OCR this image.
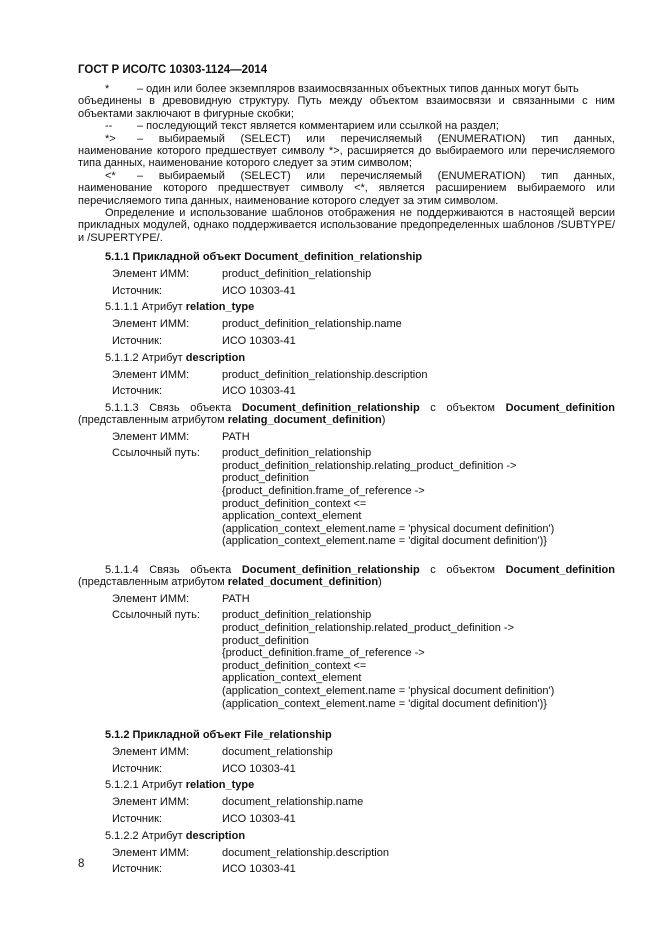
ГОСТ Р ИСО/ТС 10303-1124—2014
*	– один или более экземпляров взаимосвязанных объектных типов данных могут быть

объединены в древовидную структуру. Путь между объектом взаимосвязи и связанными с ним объектами заключают в фигурные скобки;

--	– последующий текст является комментарием или ссылкой на раздел;
*>	– выбираемый (SELECT) или перечисляемый (ENUMERATION) тип данных,

наименование которого предшествует символу *>, расширяется до выбираемого или перечисляемого типа данных, наименование которого следует за этим символом;

<*	– выбираемый (SELECT) или перечисляемый (ENUMERATION) тип данных,

наименование которого предшествует символу <*, является расширением выбираемого или перечисляемого типа данных, наименование которого следует за этим символом.

Определение и использование шаблонов отображения не поддерживаются в настоящей версии прикладных модулей, однако поддерживается использование предопределенных шаблонов /SUBTYPE/ и /SUPERTYPE/.

5.1.1 Прикладной объект Document_definition_relationship
Элемент ИММ:	product_definition_relationship
Источник:	ИСО 10303-41
5.1.1.1 Атрибут relation_type
Элемент ИММ:	product_definition_relationship.name
Источник:	ИСО 10303-41
5.1.1.2 Атрибут description
Элемент ИММ:	product_definition_relationship.description
Источник:	ИСО 10303-41
5.1.1.3 Связь объекта Document_definition_relationship с объектом Document_definition
(представленным атрибутом relating_document_definition)
Элемент ИММ:	PATH
Ссылочный путь:	product_definition_relationship
product_definition_relationship.relating_product_definition ->
product_definition
{product_definition.frame_of_reference ->
product_definition_context <=
application_context_element
(application_context_element.name = 'physical document definition')
(application_context_element.name = 'digital document definition')}
5.1.1.4 Связь объекта Document_definition_relationship с объектом Document_definition
(представленным атрибутом related_document_definition)
Элемент ИММ:	PATH
Ссылочный путь:	product_definition_relationship
product_definition_relationship.related_product_definition ->
product_definition
{product_definition.frame_of_reference ->
product_definition_context <=
application_context_element
(application_context_element.name = 'physical document definition')
(application_context_element.name = 'digital document definition')}
5.1.2 Прикладной объект File_relationship
Элемент ИММ:	document_relationship
Источник:	ИСО 10303-41
5.1.2.1 Атрибут relation_type
Элемент ИММ:	document_relationship.name
Источник:	ИСО 10303-41
5.1.2.2 Атрибут description
Элемент ИММ:	document_relationship.description
Источник:	ИСО 10303-41
8
